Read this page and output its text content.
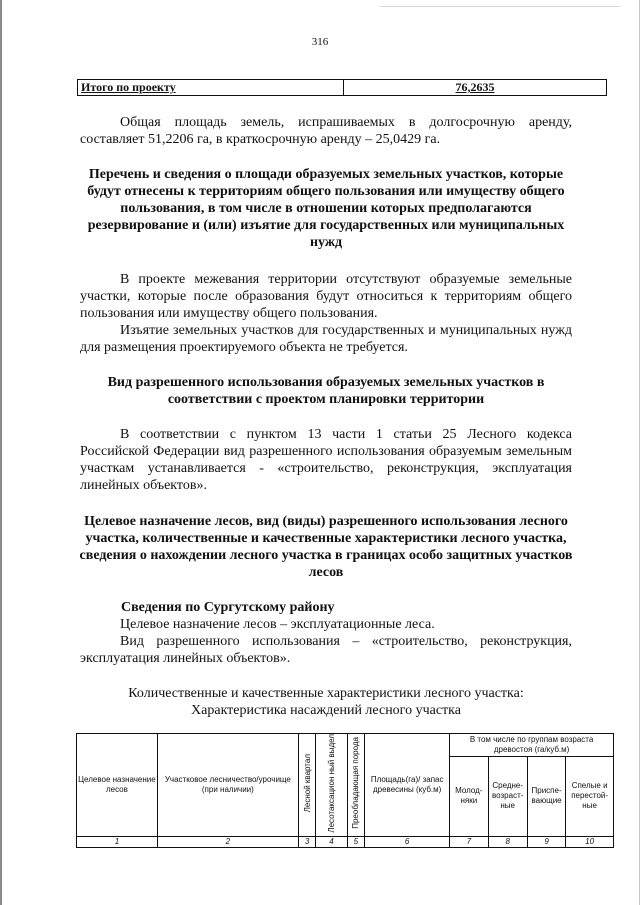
316
Итого по проекту	76,2635
Общая площадь земель, испрашиваемых в долгосрочную аренду, составляет 51,2206 га, в краткосрочную аренду – 25,0429 га.
Перечень и сведения о площади образуемых земельных участков, которые будут отнесены к территориям общего пользования или имуществу общего пользования, в том числе в отношении которых предполагаются резервирование и (или) изъятие для государственных или муниципальных нужд
В проекте межевания территории отсутствуют образуемые земельные участки, которые после образования будут относиться к территориям общего пользования или имуществу общего пользования.
Изъятие земельных участков для государственных и муниципальных нужд для размещения проектируемого объекта не требуется.
Вид разрешенного использования образуемых земельных участков в соответствии с проектом планировки территории
В соответствии с пунктом 13 части 1 статьи 25 Лесного кодекса Российской Федерации вид разрешенного использования образуемым земельным участкам устанавливается - «строительство, реконструкция, эксплуатация линейных объектов».
Целевое назначение лесов, вид (виды) разрешенного использования лесного участка, количественные и качественные характеристики лесного участка, сведения о нахождении лесного участка в границах особо защитных участков лесов
Сведения по Сургутскому району
Целевое назначение лесов – эксплуатационные леса.
Вид разрешенного использования – «строительство, реконструкция, эксплуатация линейных объектов».
Количественные и качественные характеристики лесного участка:
Характеристика насаждений лесного участка
Целевое назначение лесов	Участковое лесничество/урочище (при наличии)	Лесной квартал	Лесотаксацион ный выдел	Преобладающая порода	Площадь(га)/ запас древесины (куб.м)	В том числе по группам возраста древостоя (га/куб.м)			
						Молод- няки	Средне- возраст- ные	Приспе- вающие	Спелые и перестой- ные
1	2	3	4	5	6	7	8	9	10
